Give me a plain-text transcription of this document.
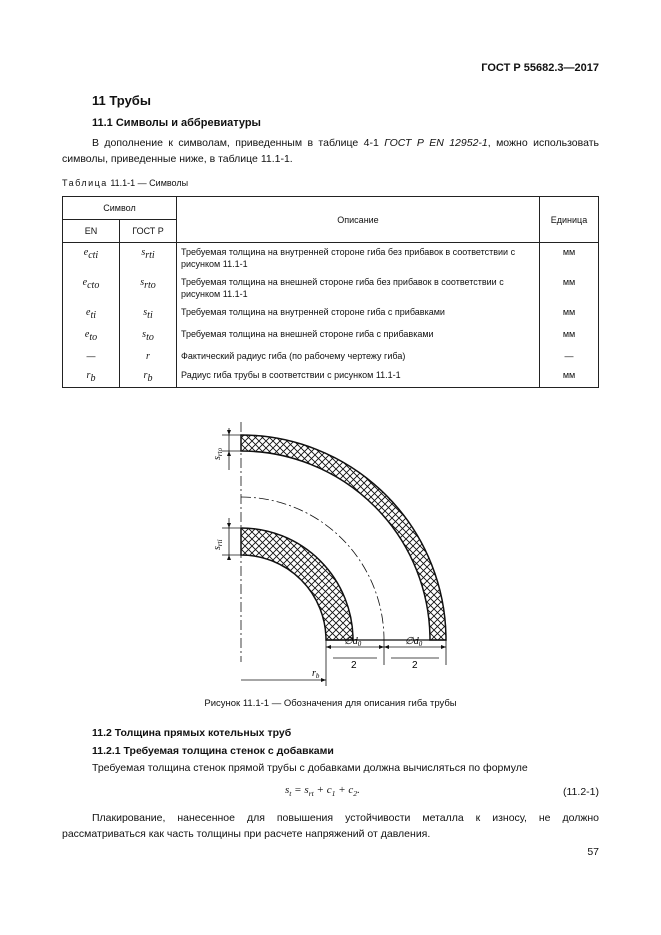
ГОСТ Р 55682.3—2017
11 Трубы
11.1 Символы и аббревиатуры
В дополнение к символам, приведенным в таблице 4-1 ГОСТ Р EN 12952-1, можно использовать символы, приведенные ниже, в таблице 11.1-1.
Таблица 11.1-1 — Символы
Символ		Описание	Единица
EN	ГОСТ Р		
$e_{cti}$	$s_{rti}$	Требуемая толщина на внутренней стороне гиба без прибавок в соответствии с рисунком 11.1-1	мм
$e_{cto}$	$s_{rto}$	Требуемая толщина на внешней стороне гиба без прибавок в соответствии с рисунком 11.1-1	мм
$e_{ti}$	$s_{ti}$	Требуемая толщина на внутренней стороне гиба с прибавками	мм
$e_{to}$	$s_{to}$	Требуемая толщина на внешней стороне гиба с прибавками	мм
—	r	Фактический радиус гиба (по рабочему чертежу гиба)	—
$r_b$	$r_b$	Радиус гиба трубы в соответствии с рисунком 11.1-1	мм
$s_{rto}$
$s_{rti}$
$\emptyset d_0$
2
$\emptyset d_0$
2
$r_b$
Рисунок 11.1-1 — Обозначения для описания гиба трубы
11.2 Толщина прямых котельных труб
11.2.1 Требуемая толщина стенок с добавками
Требуемая толщина стенок прямой трубы с добавками должна вычисляться по формуле
$s_t = s_{rt} + c_1 + c_2$.	(11.2-1)
Плакирование, нанесенное для повышения устойчивости металла к износу, не должно рассматриваться как часть толщины при расчете напряжений от давления.
57
